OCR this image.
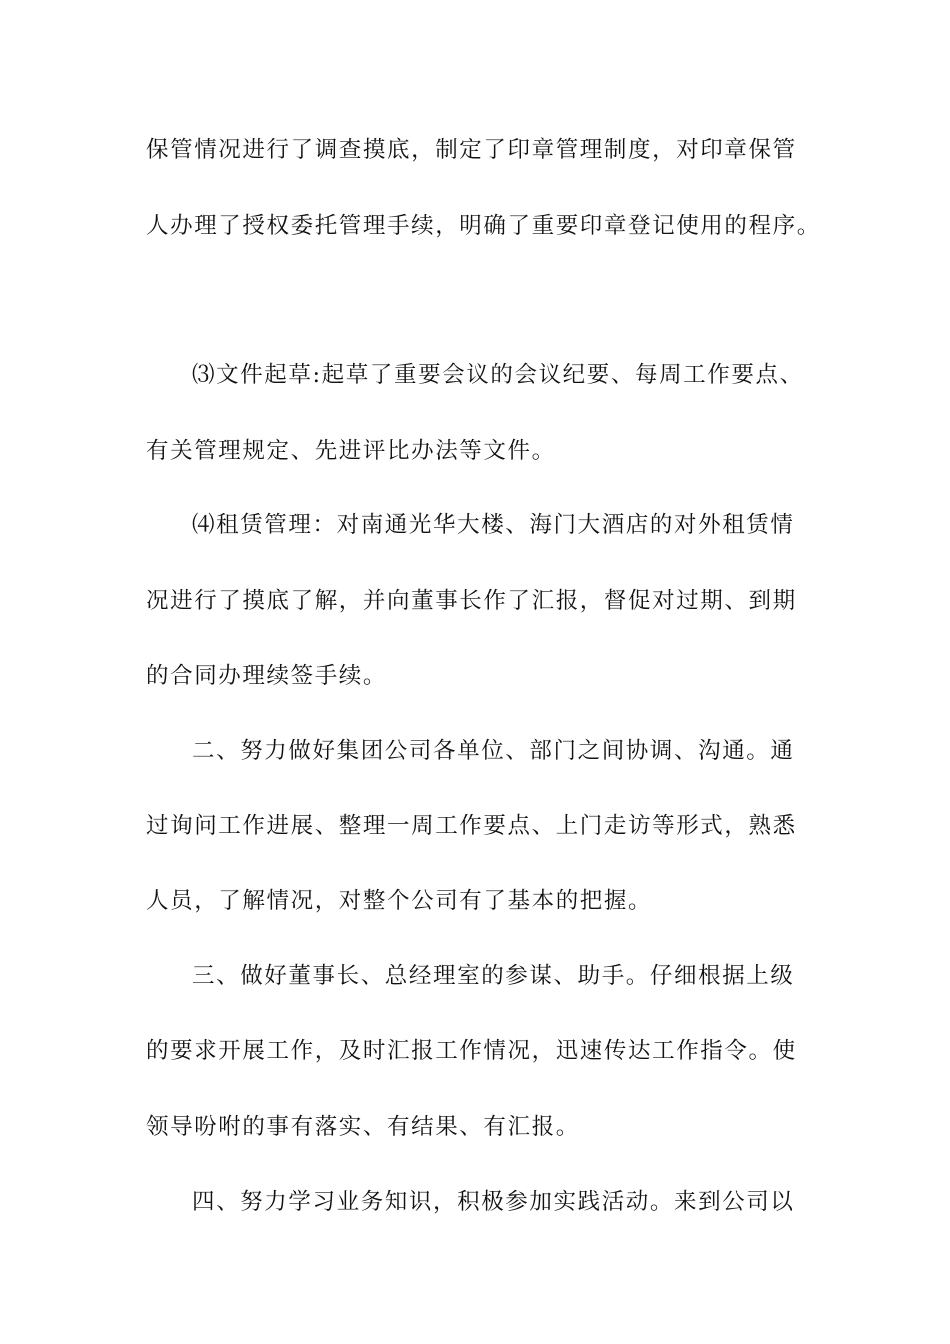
保管情况进行了调查摸底，制定了印章管理制度，对印章保管
人办理了授权委托管理手续，明确了重要印章登记使用的程序。
⑶文件起草:起草了重要会议的会议纪要、每周工作要点、
有关管理规定、先进评比办法等文件。
⑷租赁管理：对南通光华大楼、海门大酒店的对外租赁情
况进行了摸底了解，并向董事长作了汇报，督促对过期、到期
的合同办理续签手续。
二、努力做好集团公司各单位、部门之间协调、沟通。通
过询问工作进展、整理一周工作要点、上门走访等形式，熟悉
人员，了解情况，对整个公司有了基本的把握。
三、做好董事长、总经理室的参谋、助手。仔细根据上级
的要求开展工作，及时汇报工作情况，迅速传达工作指令。使
领导吩咐的事有落实、有结果、有汇报。
四、努力学习业务知识，积极参加实践活动。来到公司以
